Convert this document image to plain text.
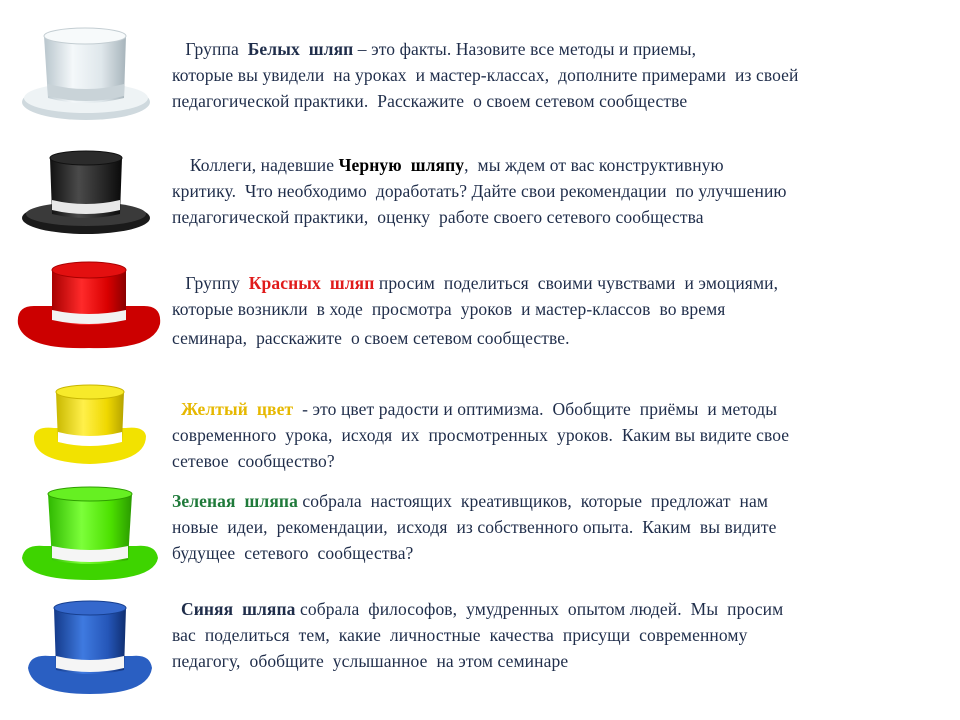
Группа  Белых  шляп – это факты. Назовите все методы и приемы,
которые вы увидели  на уроках  и мастер-классах,  дополните примерами  из своей
педагогической практики.  Расскажите  о своем сетевом сообществе
Коллеги, надевшие Черную  шляпу,  мы ждем от вас конструктивную
критику.  Что необходимо  доработать? Дайте свои рекомендации  по улучшению
педагогической практики,  оценку  работе своего сетевого сообщества
Группу  Красных  шляп просим  поделиться  своими чувствами  и эмоциями,
которые возникли  в ходе  просмотра  уроков  и мастер-классов  во время
семинара,  расскажите  о своем сетевом сообществе.
Желтый  цвет  - это цвет радости и оптимизма.  Обобщите  приёмы  и методы
современного  урока,  исходя  их  просмотренных  уроков.  Каким вы видите свое
сетевое  сообщество?
Зеленая  шляпа собрала  настоящих  креативщиков,  которые  предложат  нам
новые  идеи,  рекомендации,  исходя  из собственного опыта.  Каким  вы видите
будущее  сетевого  сообщества?
Синяя  шляпа собрала  философов,  умудренных  опытом людей.  Мы  просим
вас  поделиться  тем,  какие  личностные  качества  присущи  современному
педагогу,  обобщите  услышанное  на этом семинаре
